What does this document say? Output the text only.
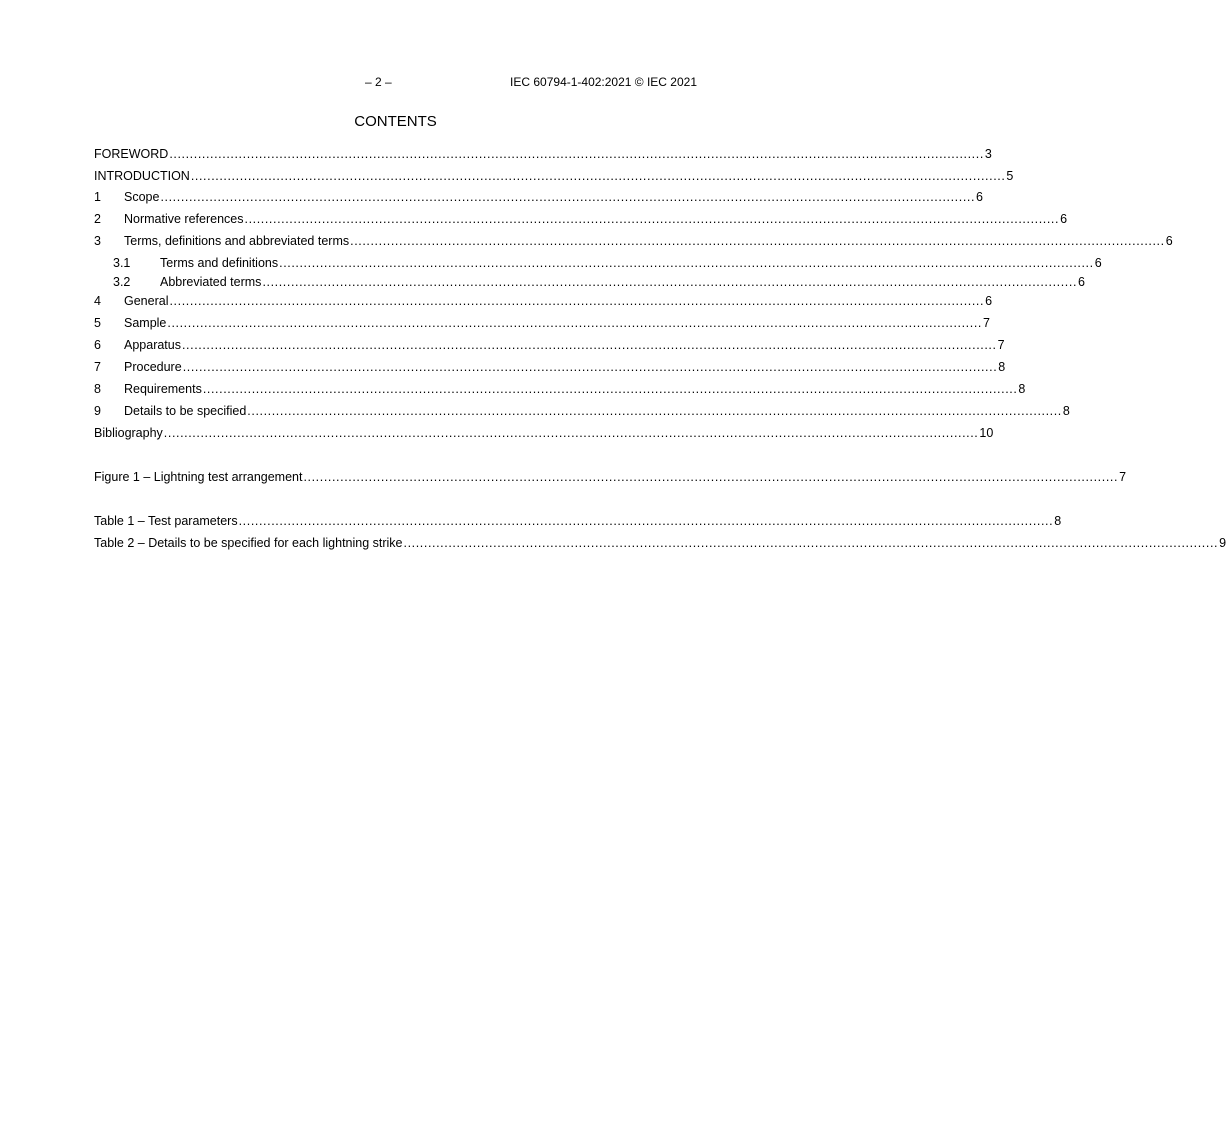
– 2 –	IEC 60794-1-402:2021 © IEC 2021
CONTENTS
FOREWORD ........................................................................................................................................................................................................ 3
INTRODUCTION ........................................................................................................................................................................................................ 5
1	Scope ........................................................................................................................................................................................................ 6
2	Normative references ........................................................................................................................................................................................................ 6
3	Terms, definitions and abbreviated terms ........................................................................................................................................................................................................ 6
3.1	Terms and definitions ........................................................................................................................................................................................................ 6
3.2	Abbreviated terms ........................................................................................................................................................................................................ 6
4	General ........................................................................................................................................................................................................ 6
5	Sample ........................................................................................................................................................................................................ 7
6	Apparatus ........................................................................................................................................................................................................ 7
7	Procedure ........................................................................................................................................................................................................ 8
8	Requirements ........................................................................................................................................................................................................ 8
9	Details to be specified ........................................................................................................................................................................................................ 8
Bibliography ........................................................................................................................................................................................................ 10
Figure 1 – Lightning test arrangement ........................................................................................................................................................................................................ 7
Table 1 – Test parameters ........................................................................................................................................................................................................ 8
Table 2 – Details to be specified for each lightning strike ........................................................................................................................................................................................................ 9
